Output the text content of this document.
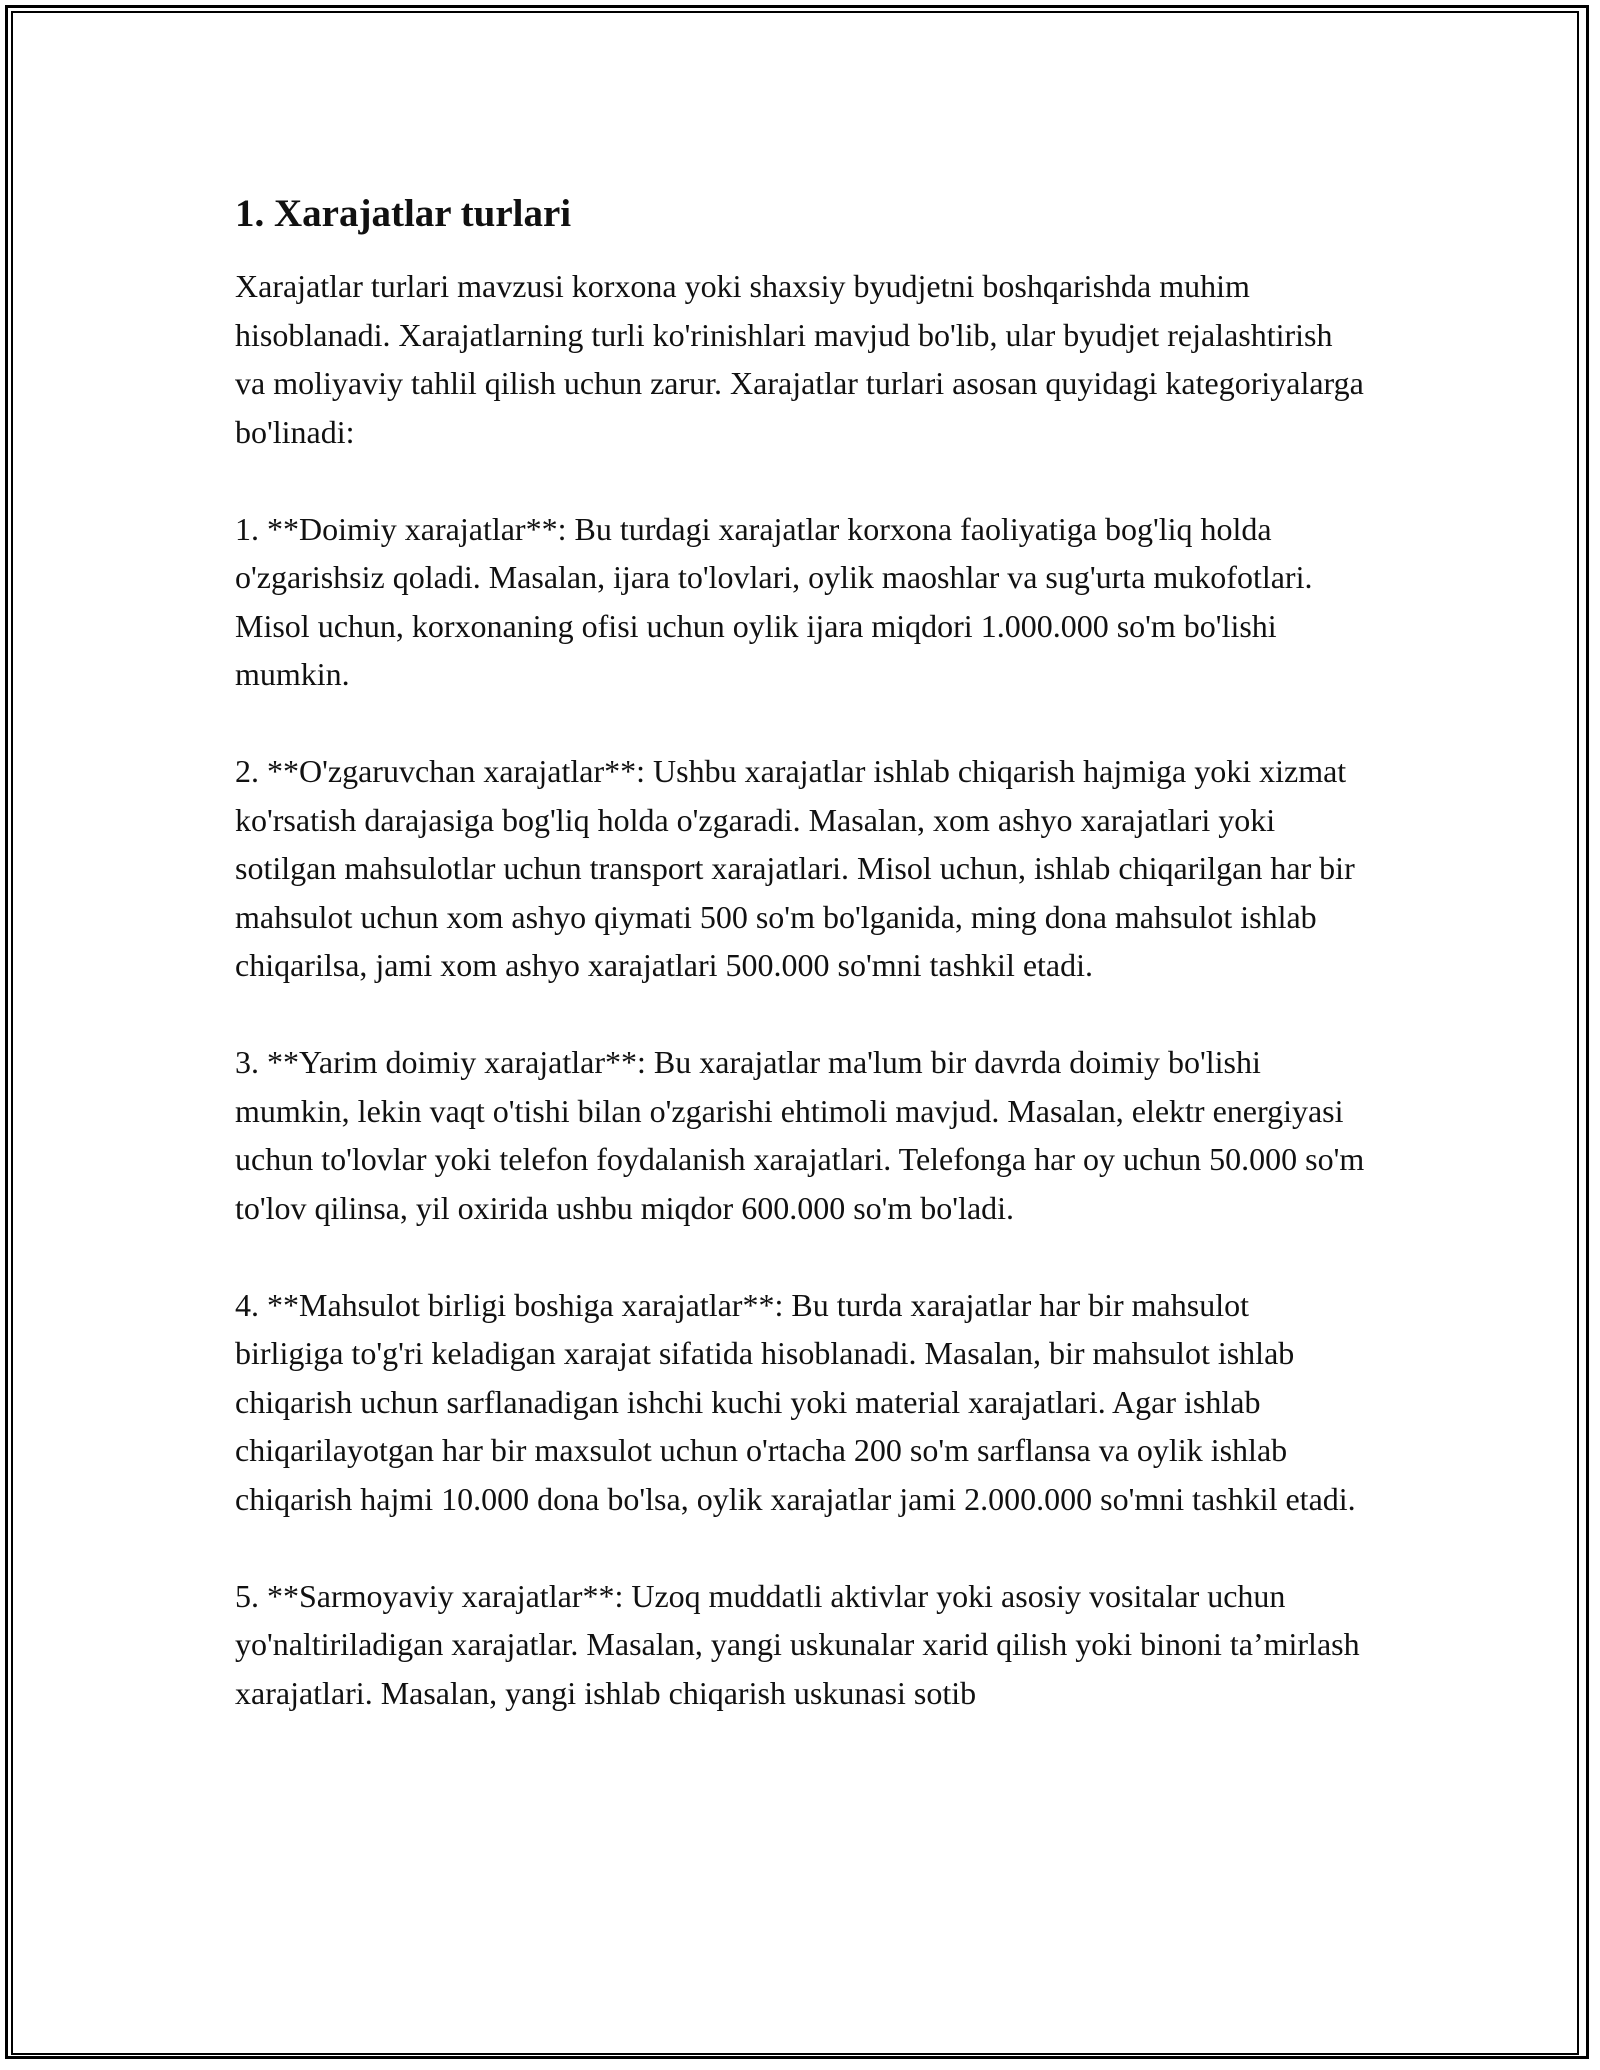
1. Xarajatlar turlari

Xarajatlar turlari mavzusi korxona yoki shaxsiy byudjetni boshqarishda muhim hisoblanadi. Xarajatlarning turli ko'rinishlari mavjud bo'lib, ular byudjet rejalashtirish va moliyaviy tahlil qilish uchun zarur. Xarajatlar turlari asosan quyidagi kategoriyalarga bo'linadi:

1. **Doimiy xarajatlar**: Bu turdagi xarajatlar korxona faoliyatiga bog'liq holda o'zgarishsiz qoladi. Masalan, ijara to'lovlari, oylik maoshlar va sug'urta mukofotlari. Misol uchun, korxonaning ofisi uchun oylik ijara miqdori 1.000.000 so'm bo'lishi mumkin.

2. **O'zgaruvchan xarajatlar**: Ushbu xarajatlar ishlab chiqarish hajmiga yoki xizmat ko'rsatish darajasiga bog'liq holda o'zgaradi. Masalan, xom ashyo xarajatlari yoki sotilgan mahsulotlar uchun transport xarajatlari. Misol uchun, ishlab chiqarilgan har bir mahsulot uchun xom ashyo qiymati 500 so'm bo'lganida, ming dona mahsulot ishlab chiqarilsa, jami xom ashyo xarajatlari 500.000 so'mni tashkil etadi.

3. **Yarim doimiy xarajatlar**: Bu xarajatlar ma'lum bir davrda doimiy bo'lishi mumkin, lekin vaqt o'tishi bilan o'zgarishi ehtimoli mavjud. Masalan, elektr energiyasi uchun to'lovlar yoki telefon foydalanish xarajatlari. Telefonga har oy uchun 50.000 so'm to'lov qilinsa, yil oxirida ushbu miqdor 600.000 so'm bo'ladi.

4. **Mahsulot birligi boshiga xarajatlar**: Bu turda xarajatlar har bir mahsulot birligiga to'g'ri keladigan xarajat sifatida hisoblanadi. Masalan, bir mahsulot ishlab chiqarish uchun sarflanadigan ishchi kuchi yoki material xarajatlari. Agar ishlab chiqarilayotgan har bir maxsulot uchun o'rtacha 200 so'm sarflansa va oylik ishlab chiqarish hajmi 10.000 dona bo'lsa, oylik xarajatlar jami 2.000.000 so'mni tashkil etadi.

5. **Sarmoyaviy xarajatlar**: Uzoq muddatli aktivlar yoki asosiy vositalar uchun yo'naltiriladigan xarajatlar. Masalan, yangi uskunalar xarid qilish yoki binoni ta’mirlash xarajatlari. Masalan, yangi ishlab chiqarish uskunasi sotib
